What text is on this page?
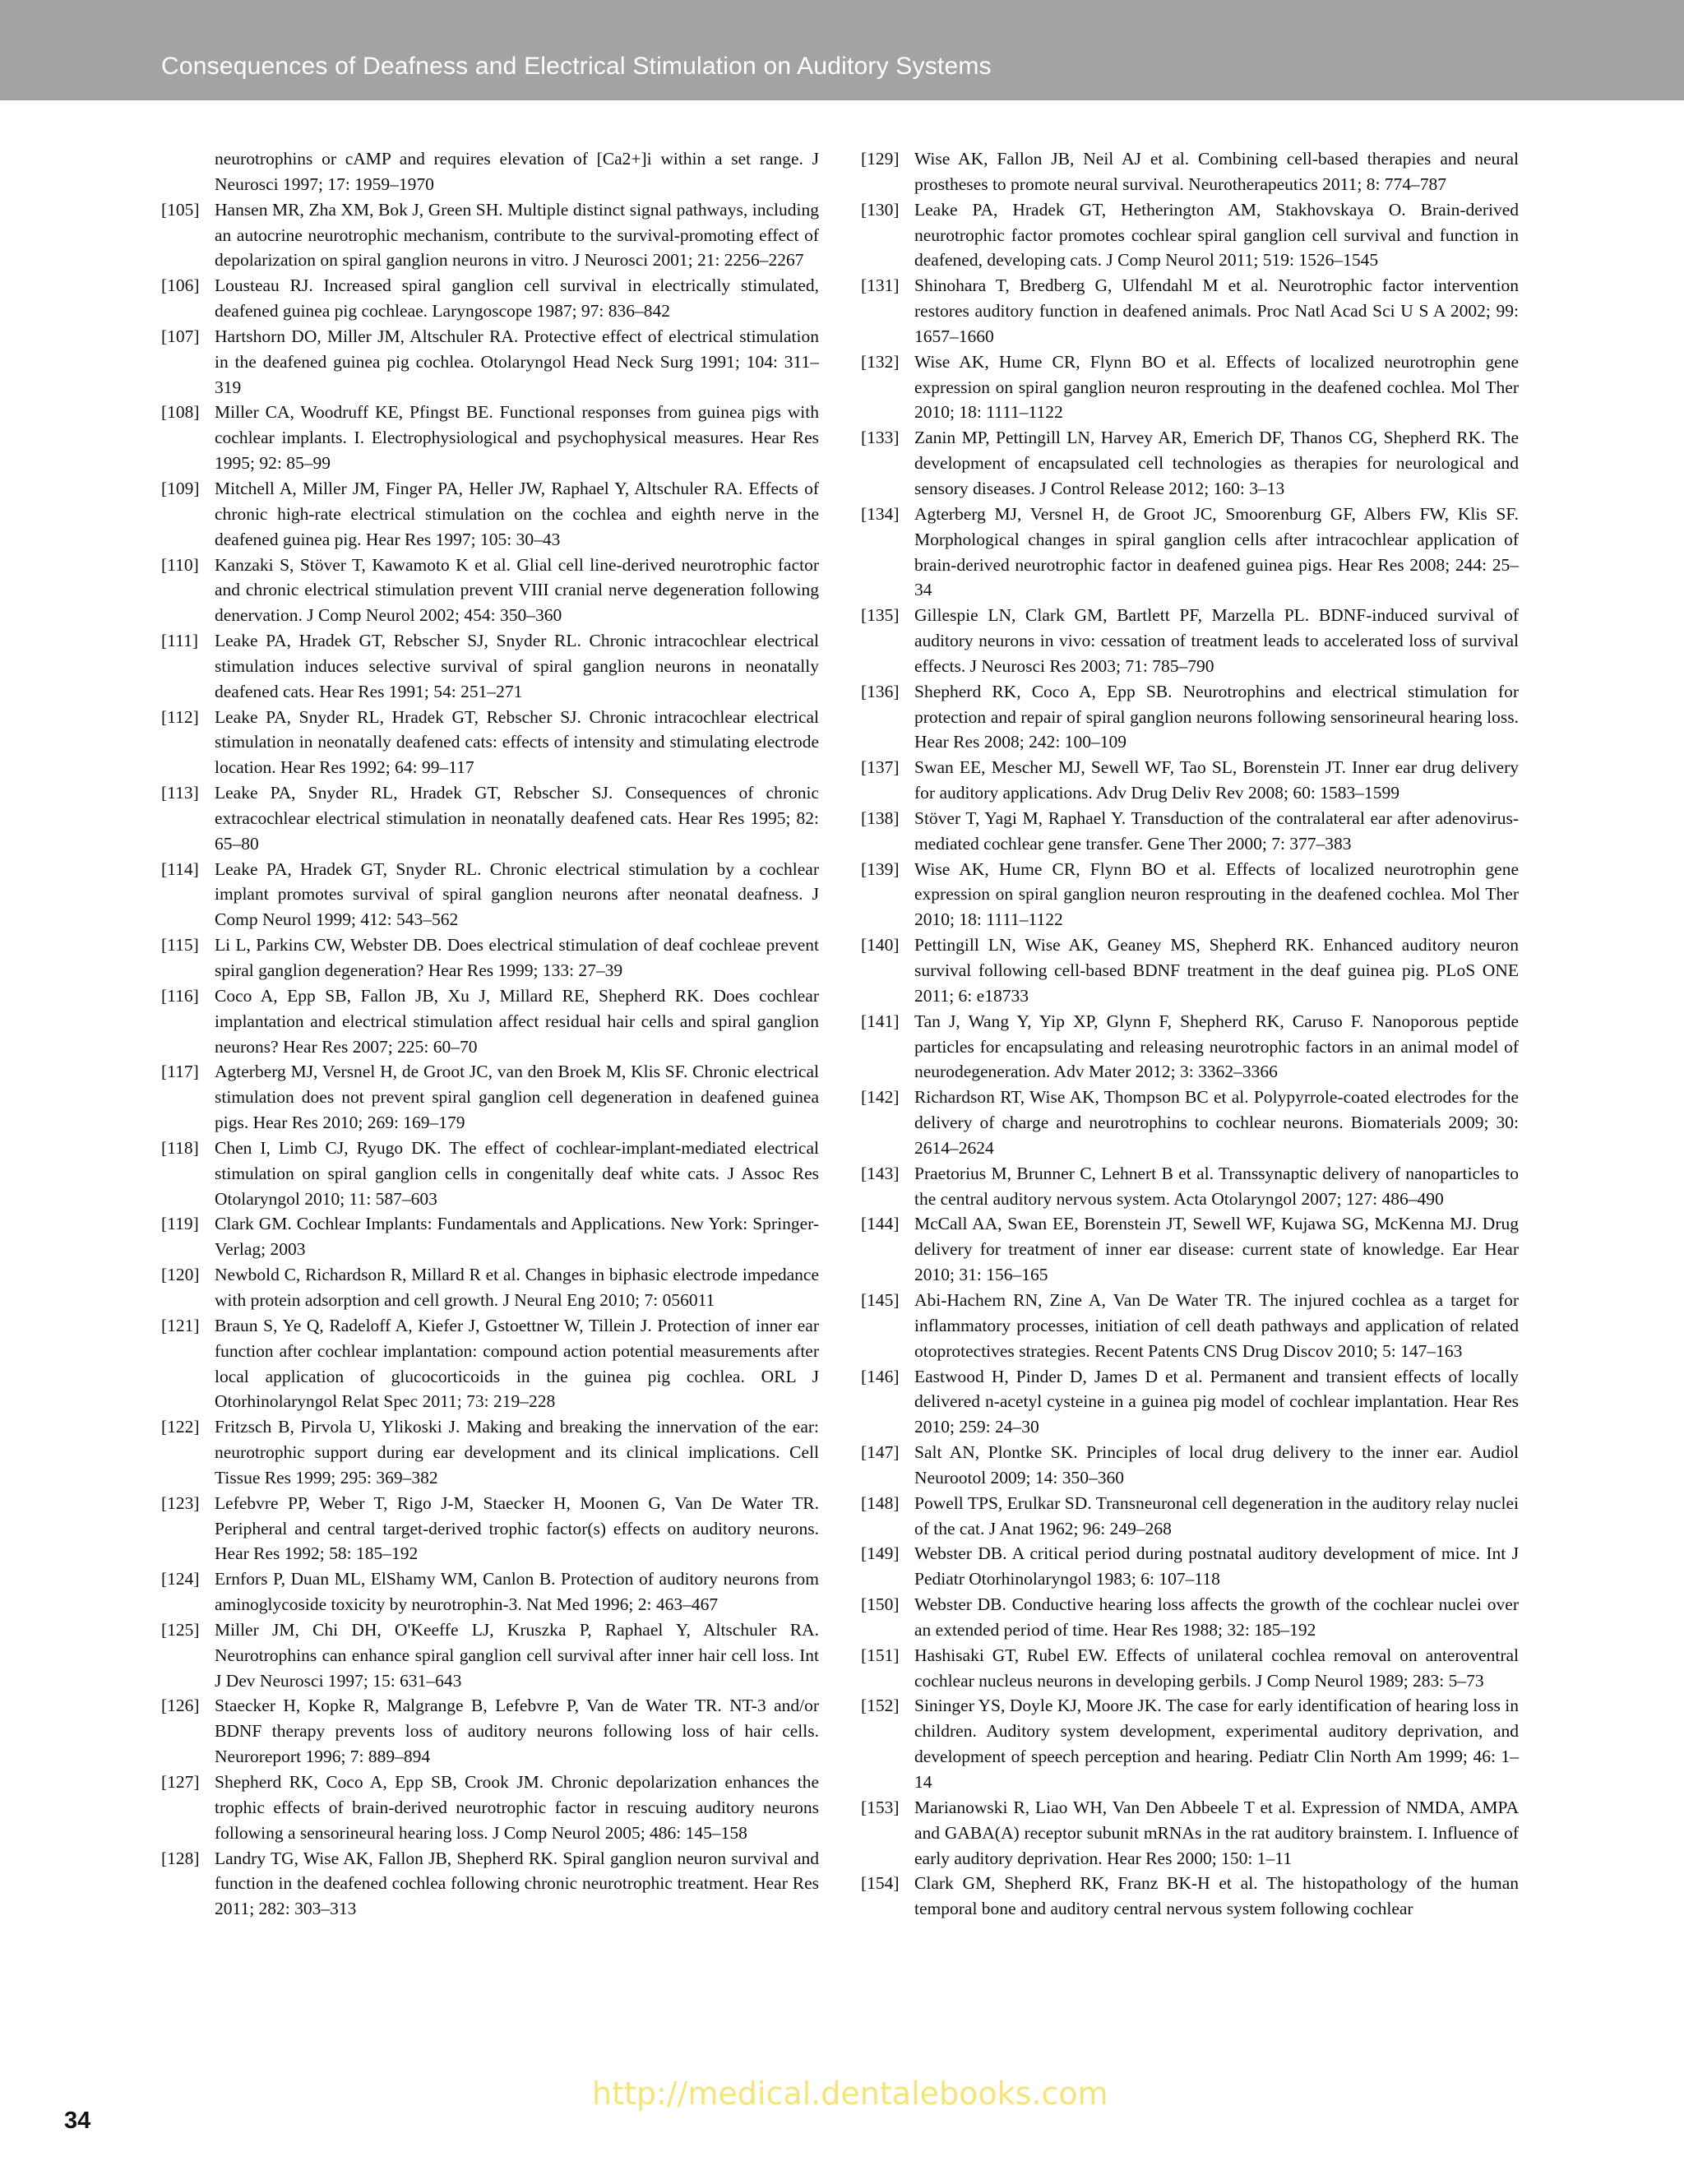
Consequences of Deafness and Electrical Stimulation on Auditory Systems
neurotrophins or cAMP and requires elevation of [Ca2+]i within a set range. J Neurosci 1997; 17: 1959–1970
[105] Hansen MR, Zha XM, Bok J, Green SH. Multiple distinct signal pathways, including an autocrine neurotrophic mechanism, contribute to the survival-promoting effect of depolarization on spiral ganglion neurons in vitro. J Neurosci 2001; 21: 2256–2267
[106] Lousteau RJ. Increased spiral ganglion cell survival in electrically stimulated, deafened guinea pig cochleae. Laryngoscope 1987; 97: 836–842
[107] Hartshorn DO, Miller JM, Altschuler RA. Protective effect of electrical stimulation in the deafened guinea pig cochlea. Otolaryngol Head Neck Surg 1991; 104: 311–319
[108] Miller CA, Woodruff KE, Pfingst BE. Functional responses from guinea pigs with cochlear implants. I. Electrophysiological and psychophysical measures. Hear Res 1995; 92: 85–99
[109] Mitchell A, Miller JM, Finger PA, Heller JW, Raphael Y, Altschuler RA. Effects of chronic high-rate electrical stimulation on the cochlea and eighth nerve in the deafened guinea pig. Hear Res 1997; 105: 30–43
[110] Kanzaki S, Stöver T, Kawamoto K et al. Glial cell line-derived neurotrophic factor and chronic electrical stimulation prevent VIII cranial nerve degeneration following denervation. J Comp Neurol 2002; 454: 350–360
[111] Leake PA, Hradek GT, Rebscher SJ, Snyder RL. Chronic intracochlear electrical stimulation induces selective survival of spiral ganglion neurons in neonatally deafened cats. Hear Res 1991; 54: 251–271
[112] Leake PA, Snyder RL, Hradek GT, Rebscher SJ. Chronic intracochlear electrical stimulation in neonatally deafened cats: effects of intensity and stimulating electrode location. Hear Res 1992; 64: 99–117
[113] Leake PA, Snyder RL, Hradek GT, Rebscher SJ. Consequences of chronic extracochlear electrical stimulation in neonatally deafened cats. Hear Res 1995; 82: 65–80
[114] Leake PA, Hradek GT, Snyder RL. Chronic electrical stimulation by a cochlear implant promotes survival of spiral ganglion neurons after neonatal deafness. J Comp Neurol 1999; 412: 543–562
[115] Li L, Parkins CW, Webster DB. Does electrical stimulation of deaf cochleae prevent spiral ganglion degeneration? Hear Res 1999; 133: 27–39
[116] Coco A, Epp SB, Fallon JB, Xu J, Millard RE, Shepherd RK. Does cochlear implantation and electrical stimulation affect residual hair cells and spiral ganglion neurons? Hear Res 2007; 225: 60–70
[117] Agterberg MJ, Versnel H, de Groot JC, van den Broek M, Klis SF. Chronic electrical stimulation does not prevent spiral ganglion cell degeneration in deafened guinea pigs. Hear Res 2010; 269: 169–179
[118] Chen I, Limb CJ, Ryugo DK. The effect of cochlear-implant-mediated electrical stimulation on spiral ganglion cells in congenitally deaf white cats. J Assoc Res Otolaryngol 2010; 11: 587–603
[119] Clark GM. Cochlear Implants: Fundamentals and Applications. New York: Springer-Verlag; 2003
[120] Newbold C, Richardson R, Millard R et al. Changes in biphasic electrode impedance with protein adsorption and cell growth. J Neural Eng 2010; 7: 056011
[121] Braun S, Ye Q, Radeloff A, Kiefer J, Gstoettner W, Tillein J. Protection of inner ear function after cochlear implantation: compound action potential measurements after local application of glucocorticoids in the guinea pig cochlea. ORL J Otorhinolaryngol Relat Spec 2011; 73: 219–228
[122] Fritzsch B, Pirvola U, Ylikoski J. Making and breaking the innervation of the ear: neurotrophic support during ear development and its clinical implications. Cell Tissue Res 1999; 295: 369–382
[123] Lefebvre PP, Weber T, Rigo J-M, Staecker H, Moonen G, Van De Water TR. Peripheral and central target-derived trophic factor(s) effects on auditory neurons. Hear Res 1992; 58: 185–192
[124] Ernfors P, Duan ML, ElShamy WM, Canlon B. Protection of auditory neurons from aminoglycoside toxicity by neurotrophin-3. Nat Med 1996; 2: 463–467
[125] Miller JM, Chi DH, O'Keeffe LJ, Kruszka P, Raphael Y, Altschuler RA. Neurotrophins can enhance spiral ganglion cell survival after inner hair cell loss. Int J Dev Neurosci 1997; 15: 631–643
[126] Staecker H, Kopke R, Malgrange B, Lefebvre P, Van de Water TR. NT-3 and/or BDNF therapy prevents loss of auditory neurons following loss of hair cells. Neuroreport 1996; 7: 889–894
[127] Shepherd RK, Coco A, Epp SB, Crook JM. Chronic depolarization enhances the trophic effects of brain-derived neurotrophic factor in rescuing auditory neurons following a sensorineural hearing loss. J Comp Neurol 2005; 486: 145–158
[128] Landry TG, Wise AK, Fallon JB, Shepherd RK. Spiral ganglion neuron survival and function in the deafened cochlea following chronic neurotrophic treatment. Hear Res 2011; 282: 303–313
[129] Wise AK, Fallon JB, Neil AJ et al. Combining cell-based therapies and neural prostheses to promote neural survival. Neurotherapeutics 2011; 8: 774–787
[130] Leake PA, Hradek GT, Hetherington AM, Stakhovskaya O. Brain-derived neurotrophic factor promotes cochlear spiral ganglion cell survival and function in deafened, developing cats. J Comp Neurol 2011; 519: 1526–1545
[131] Shinohara T, Bredberg G, Ulfendahl M et al. Neurotrophic factor intervention restores auditory function in deafened animals. Proc Natl Acad Sci U S A 2002; 99: 1657–1660
[132] Wise AK, Hume CR, Flynn BO et al. Effects of localized neurotrophin gene expression on spiral ganglion neuron resprouting in the deafened cochlea. Mol Ther 2010; 18: 1111–1122
[133] Zanin MP, Pettingill LN, Harvey AR, Emerich DF, Thanos CG, Shepherd RK. The development of encapsulated cell technologies as therapies for neurological and sensory diseases. J Control Release 2012; 160: 3–13
[134] Agterberg MJ, Versnel H, de Groot JC, Smoorenburg GF, Albers FW, Klis SF. Morphological changes in spiral ganglion cells after intracochlear application of brain-derived neurotrophic factor in deafened guinea pigs. Hear Res 2008; 244: 25–34
[135] Gillespie LN, Clark GM, Bartlett PF, Marzella PL. BDNF-induced survival of auditory neurons in vivo: cessation of treatment leads to accelerated loss of survival effects. J Neurosci Res 2003; 71: 785–790
[136] Shepherd RK, Coco A, Epp SB. Neurotrophins and electrical stimulation for protection and repair of spiral ganglion neurons following sensorineural hearing loss. Hear Res 2008; 242: 100–109
[137] Swan EE, Mescher MJ, Sewell WF, Tao SL, Borenstein JT. Inner ear drug delivery for auditory applications. Adv Drug Deliv Rev 2008; 60: 1583–1599
[138] Stöver T, Yagi M, Raphael Y. Transduction of the contralateral ear after adenovirus-mediated cochlear gene transfer. Gene Ther 2000; 7: 377–383
[139] Wise AK, Hume CR, Flynn BO et al. Effects of localized neurotrophin gene expression on spiral ganglion neuron resprouting in the deafened cochlea. Mol Ther 2010; 18: 1111–1122
[140] Pettingill LN, Wise AK, Geaney MS, Shepherd RK. Enhanced auditory neuron survival following cell-based BDNF treatment in the deaf guinea pig. PLoS ONE 2011; 6: e18733
[141] Tan J, Wang Y, Yip XP, Glynn F, Shepherd RK, Caruso F. Nanoporous peptide particles for encapsulating and releasing neurotrophic factors in an animal model of neurodegeneration. Adv Mater 2012; 3: 3362–3366
[142] Richardson RT, Wise AK, Thompson BC et al. Polypyrrole-coated electrodes for the delivery of charge and neurotrophins to cochlear neurons. Biomaterials 2009; 30: 2614–2624
[143] Praetorius M, Brunner C, Lehnert B et al. Transsynaptic delivery of nanoparticles to the central auditory nervous system. Acta Otolaryngol 2007; 127: 486–490
[144] McCall AA, Swan EE, Borenstein JT, Sewell WF, Kujawa SG, McKenna MJ. Drug delivery for treatment of inner ear disease: current state of knowledge. Ear Hear 2010; 31: 156–165
[145] Abi-Hachem RN, Zine A, Van De Water TR. The injured cochlea as a target for inflammatory processes, initiation of cell death pathways and application of related otoprotectives strategies. Recent Patents CNS Drug Discov 2010; 5: 147–163
[146] Eastwood H, Pinder D, James D et al. Permanent and transient effects of locally delivered n-acetyl cysteine in a guinea pig model of cochlear implantation. Hear Res 2010; 259: 24–30
[147] Salt AN, Plontke SK. Principles of local drug delivery to the inner ear. Audiol Neurootol 2009; 14: 350–360
[148] Powell TPS, Erulkar SD. Transneuronal cell degeneration in the auditory relay nuclei of the cat. J Anat 1962; 96: 249–268
[149] Webster DB. A critical period during postnatal auditory development of mice. Int J Pediatr Otorhinolaryngol 1983; 6: 107–118
[150] Webster DB. Conductive hearing loss affects the growth of the cochlear nuclei over an extended period of time. Hear Res 1988; 32: 185–192
[151] Hashisaki GT, Rubel EW. Effects of unilateral cochlea removal on anteroventral cochlear nucleus neurons in developing gerbils. J Comp Neurol 1989; 283: 5–73
[152] Sininger YS, Doyle KJ, Moore JK. The case for early identification of hearing loss in children. Auditory system development, experimental auditory deprivation, and development of speech perception and hearing. Pediatr Clin North Am 1999; 46: 1–14
[153] Marianowski R, Liao WH, Van Den Abbeele T et al. Expression of NMDA, AMPA and GABA(A) receptor subunit mRNAs in the rat auditory brainstem. I. Influence of early auditory deprivation. Hear Res 2000; 150: 1–11
[154] Clark GM, Shepherd RK, Franz BK-H et al. The histopathology of the human temporal bone and auditory central nervous system following cochlear
http://medical.dentalebooks.com
34
